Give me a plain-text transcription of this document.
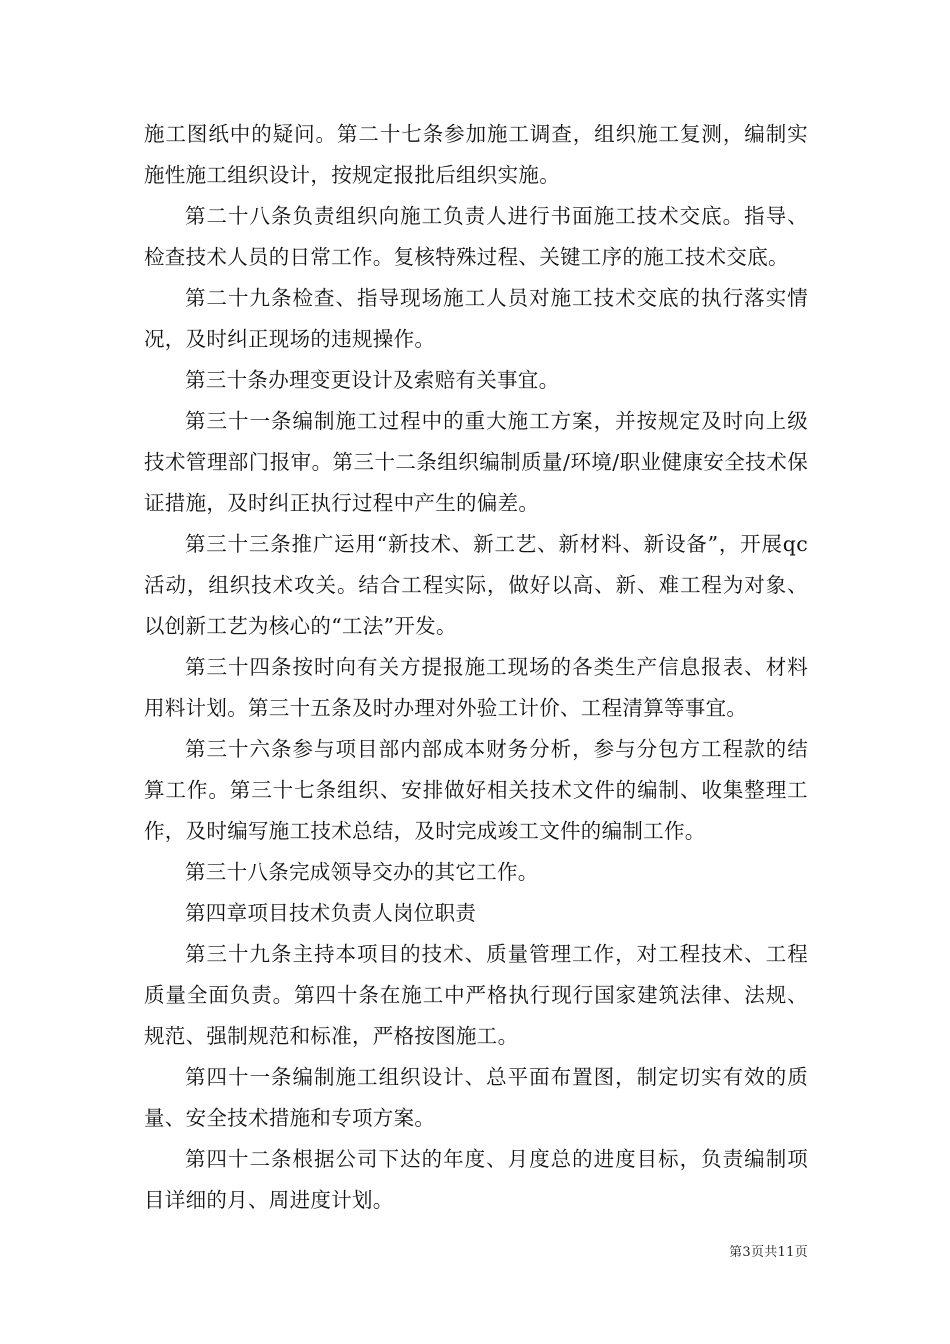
施工图纸中的疑问。第二十七条参加施工调查，组织施工复测，编制实施性施工组织设计，按规定报批后组织实施。

第二十八条负责组织向施工负责人进行书面施工技术交底。指导、检查技术人员的日常工作。复核特殊过程、关键工序的施工技术交底。

第二十九条检查、指导现场施工人员对施工技术交底的执行落实情况，及时纠正现场的违规操作。

第三十条办理变更设计及索赔有关事宜。

第三十一条编制施工过程中的重大施工方案，并按规定及时向上级技术管理部门报审。第三十二条组织编制质量/环境/职业健康安全技术保证措施，及时纠正执行过程中产生的偏差。

第三十三条推广运用“新技术、新工艺、新材料、新设备”，开展qc活动，组织技术攻关。结合工程实际，做好以高、新、难工程为对象、以创新工艺为核心的“工法”开发。

第三十四条按时向有关方提报施工现场的各类生产信息报表、材料用料计划。第三十五条及时办理对外验工计价、工程清算等事宜。

第三十六条参与项目部内部成本财务分析，参与分包方工程款的结算工作。第三十七条组织、安排做好相关技术文件的编制、收集整理工作，及时编写施工技术总结，及时完成竣工文件的编制工作。

第三十八条完成领导交办的其它工作。

第四章项目技术负责人岗位职责

第三十九条主持本项目的技术、质量管理工作，对工程技术、工程质量全面负责。第四十条在施工中严格执行现行国家建筑法律、法规、规范、强制规范和标准，严格按图施工。

第四十一条编制施工组织设计、总平面布置图，制定切实有效的质量、安全技术措施和专项方案。

第四十二条根据公司下达的年度、月度总的进度目标，负责编制项目详细的月、周进度计划。

第3页共11页
